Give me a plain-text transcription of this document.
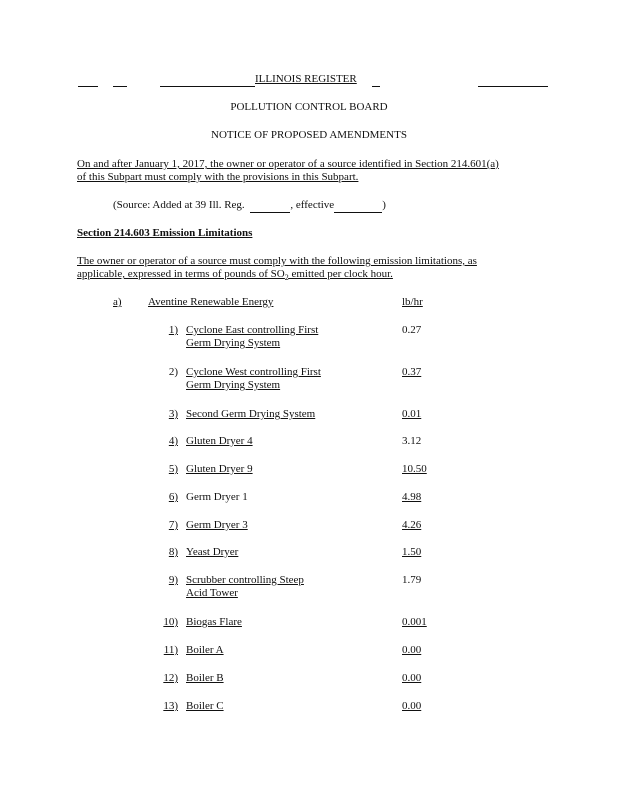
ILLINOIS REGISTER
POLLUTION CONTROL BOARD
NOTICE OF PROPOSED AMENDMENTS
On and after January 1, 2017, the owner or operator of a source identified in Section 214.601(a)
of this Subpart must comply with the provisions in this Subpart.
(Source: Added at 39 Ill. Reg.	, effective	)
Section 214.603 Emission Limitations
The owner or operator of a source must comply with the following emission limitations, as
applicable, expressed in terms of pounds of $SO_2$ emitted per clock hour.
a) Aventine Renewable Energy	lb/hr
1) Cyclone East controlling First
Germ Drying System
0.27
2) Cyclone West controlling First
Germ Drying System
0.37
3) Second Germ Drying System	0.01
4) Gluten Dryer 4	3.12
5) Gluten Dryer 9	10.50
6) Germ Dryer 1	4.98
7) Germ Dryer 3	4.26
8) Yeast Dryer	1.50
9) Scrubber controlling Steep
Acid Tower
1.79
10) Biogas Flare	0.001
11) Boiler A	0.00
12) Boiler B	0.00
13) Boiler C	0.00
